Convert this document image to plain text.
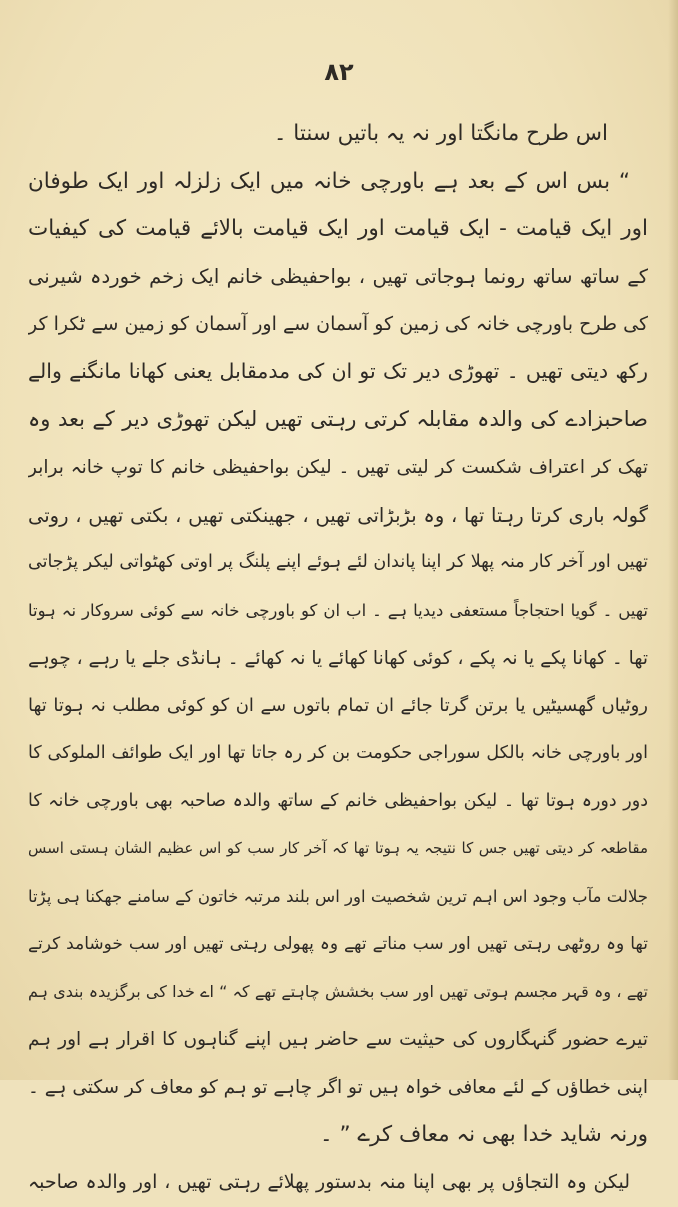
۸۲
اس طرح مانگتا اور نہ یہ باتیں سنتا ۔
“ بس اس کے بعد ہے باورچی خانہ میں ایک زلزلہ اور ایک طوفان
اور ایک قیامت - ایک قیامت اور ایک قیامت بالائے قیامت کی کیفیات
کے ساتھ ساتھ رونما ہوجاتی تھیں ، بواحفیظی خانم ایک زخم خوردہ شیرنی
کی طرح باورچی خانہ کی زمین کو آسمان سے اور آسمان کو زمین سے ٹکرا کر
رکھ دیتی تھیں ۔ تھوڑی دیر تک تو ان کی مدمقابل یعنی کھانا مانگنے والے
صاحبزادے کی والدہ مقابلہ کرتی رہتی تھیں لیکن تھوڑی دیر کے بعد وہ
تھک کر اعتراف شکست کر لیتی تھیں ۔ لیکن بواحفیظی خانم کا توپ خانہ برابر
گولہ باری کرتا رہتا تھا ، وہ بڑبڑاتی تھیں ، جھینکتی تھیں ، بکتی تھیں ، روتی
تھیں اور آخر کار منہ پھلا کر اپنا پاندان لئے ہوئے اپنے پلنگ پر اوتی کھٹواتی لیکر پڑجاتی
تھیں ۔ گویا احتجاجاً مستعفی دیدیا ہے ۔ اب ان کو باورچی خانہ سے کوئی سروکار نہ ہوتا
تھا ۔ کھانا پکے یا نہ پکے ، کوئی کھانا کھائے یا نہ کھائے ۔ ہانڈی جلے یا رہے ، چوہے
روٹیاں گھسیٹیں یا برتن گرتا جائے ان تمام باتوں سے ان کو کوئی مطلب نہ ہوتا تھا
اور باورچی خانہ بالکل سوراجی حکومت بن کر رہ جاتا تھا اور ایک طوائف الملوکی کا
دور دورہ ہوتا تھا ۔ لیکن بواحفیظی خانم کے ساتھ والدہ صاحبہ بھی باورچی خانہ کا
مقاطعہ کر دیتی تھیں جس کا نتیجہ یہ ہوتا تھا کہ آخر کار سب کو اس عظیم الشان ہستی اسس
جلالت مآب وجود اس اہم ترین شخصیت اور اس بلند مرتبہ خاتون کے سامنے جھکنا ہی پڑتا
تھا وہ روٹھی رہتی تھیں اور سب مناتے تھے وہ پھولی رہتی تھیں اور سب خوشامد کرتے
تھے ، وہ قہر مجسم ہوتی تھیں اور سب بخشش چاہتے تھے کہ “ اے خدا کی برگزیدہ بندی ہم
تیرے حضور گنہگاروں کی حیثیت سے حاضر ہیں اپنے گناہوں کا اقرار ہے اور ہم
اپنی خطاؤں کے لئے معافی خواہ ہیں تو اگر چاہے تو ہم کو معاف کر سکتی ہے ۔
ورنہ شاید خدا بھی نہ معاف کرے ” ۔
لیکن وہ التجاؤں پر بھی اپنا منہ بدستور پھلائے رہتی تھیں ، اور والدہ صاحبہ
